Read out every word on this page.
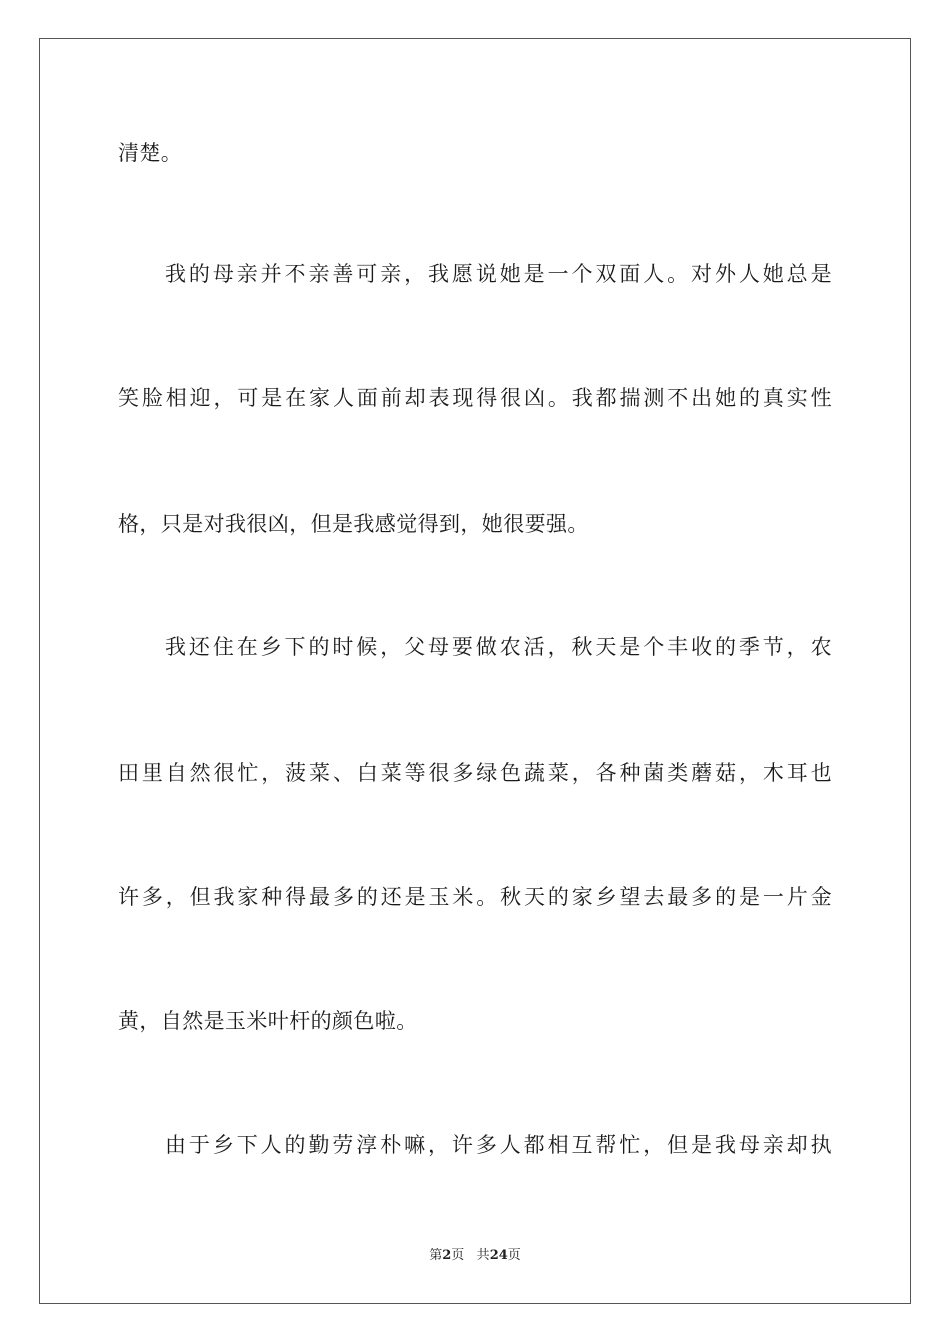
清楚。
我的母亲并不亲善可亲，我愿说她是一个双面人。对外人她总是
笑脸相迎，可是在家人面前却表现得很凶。我都揣测不出她的真实性
格，只是对我很凶，但是我感觉得到，她很要强。
我还住在乡下的时候，父母要做农活，秋天是个丰收的季节，农
田里自然很忙，菠菜、白菜等很多绿色蔬菜，各种菌类蘑菇，木耳也
许多，但我家种得最多的还是玉米。秋天的家乡望去最多的是一片金
黄，自然是玉米叶杆的颜色啦。
由于乡下人的勤劳淳朴嘛，许多人都相互帮忙，但是我母亲却执
第2页 共24页
